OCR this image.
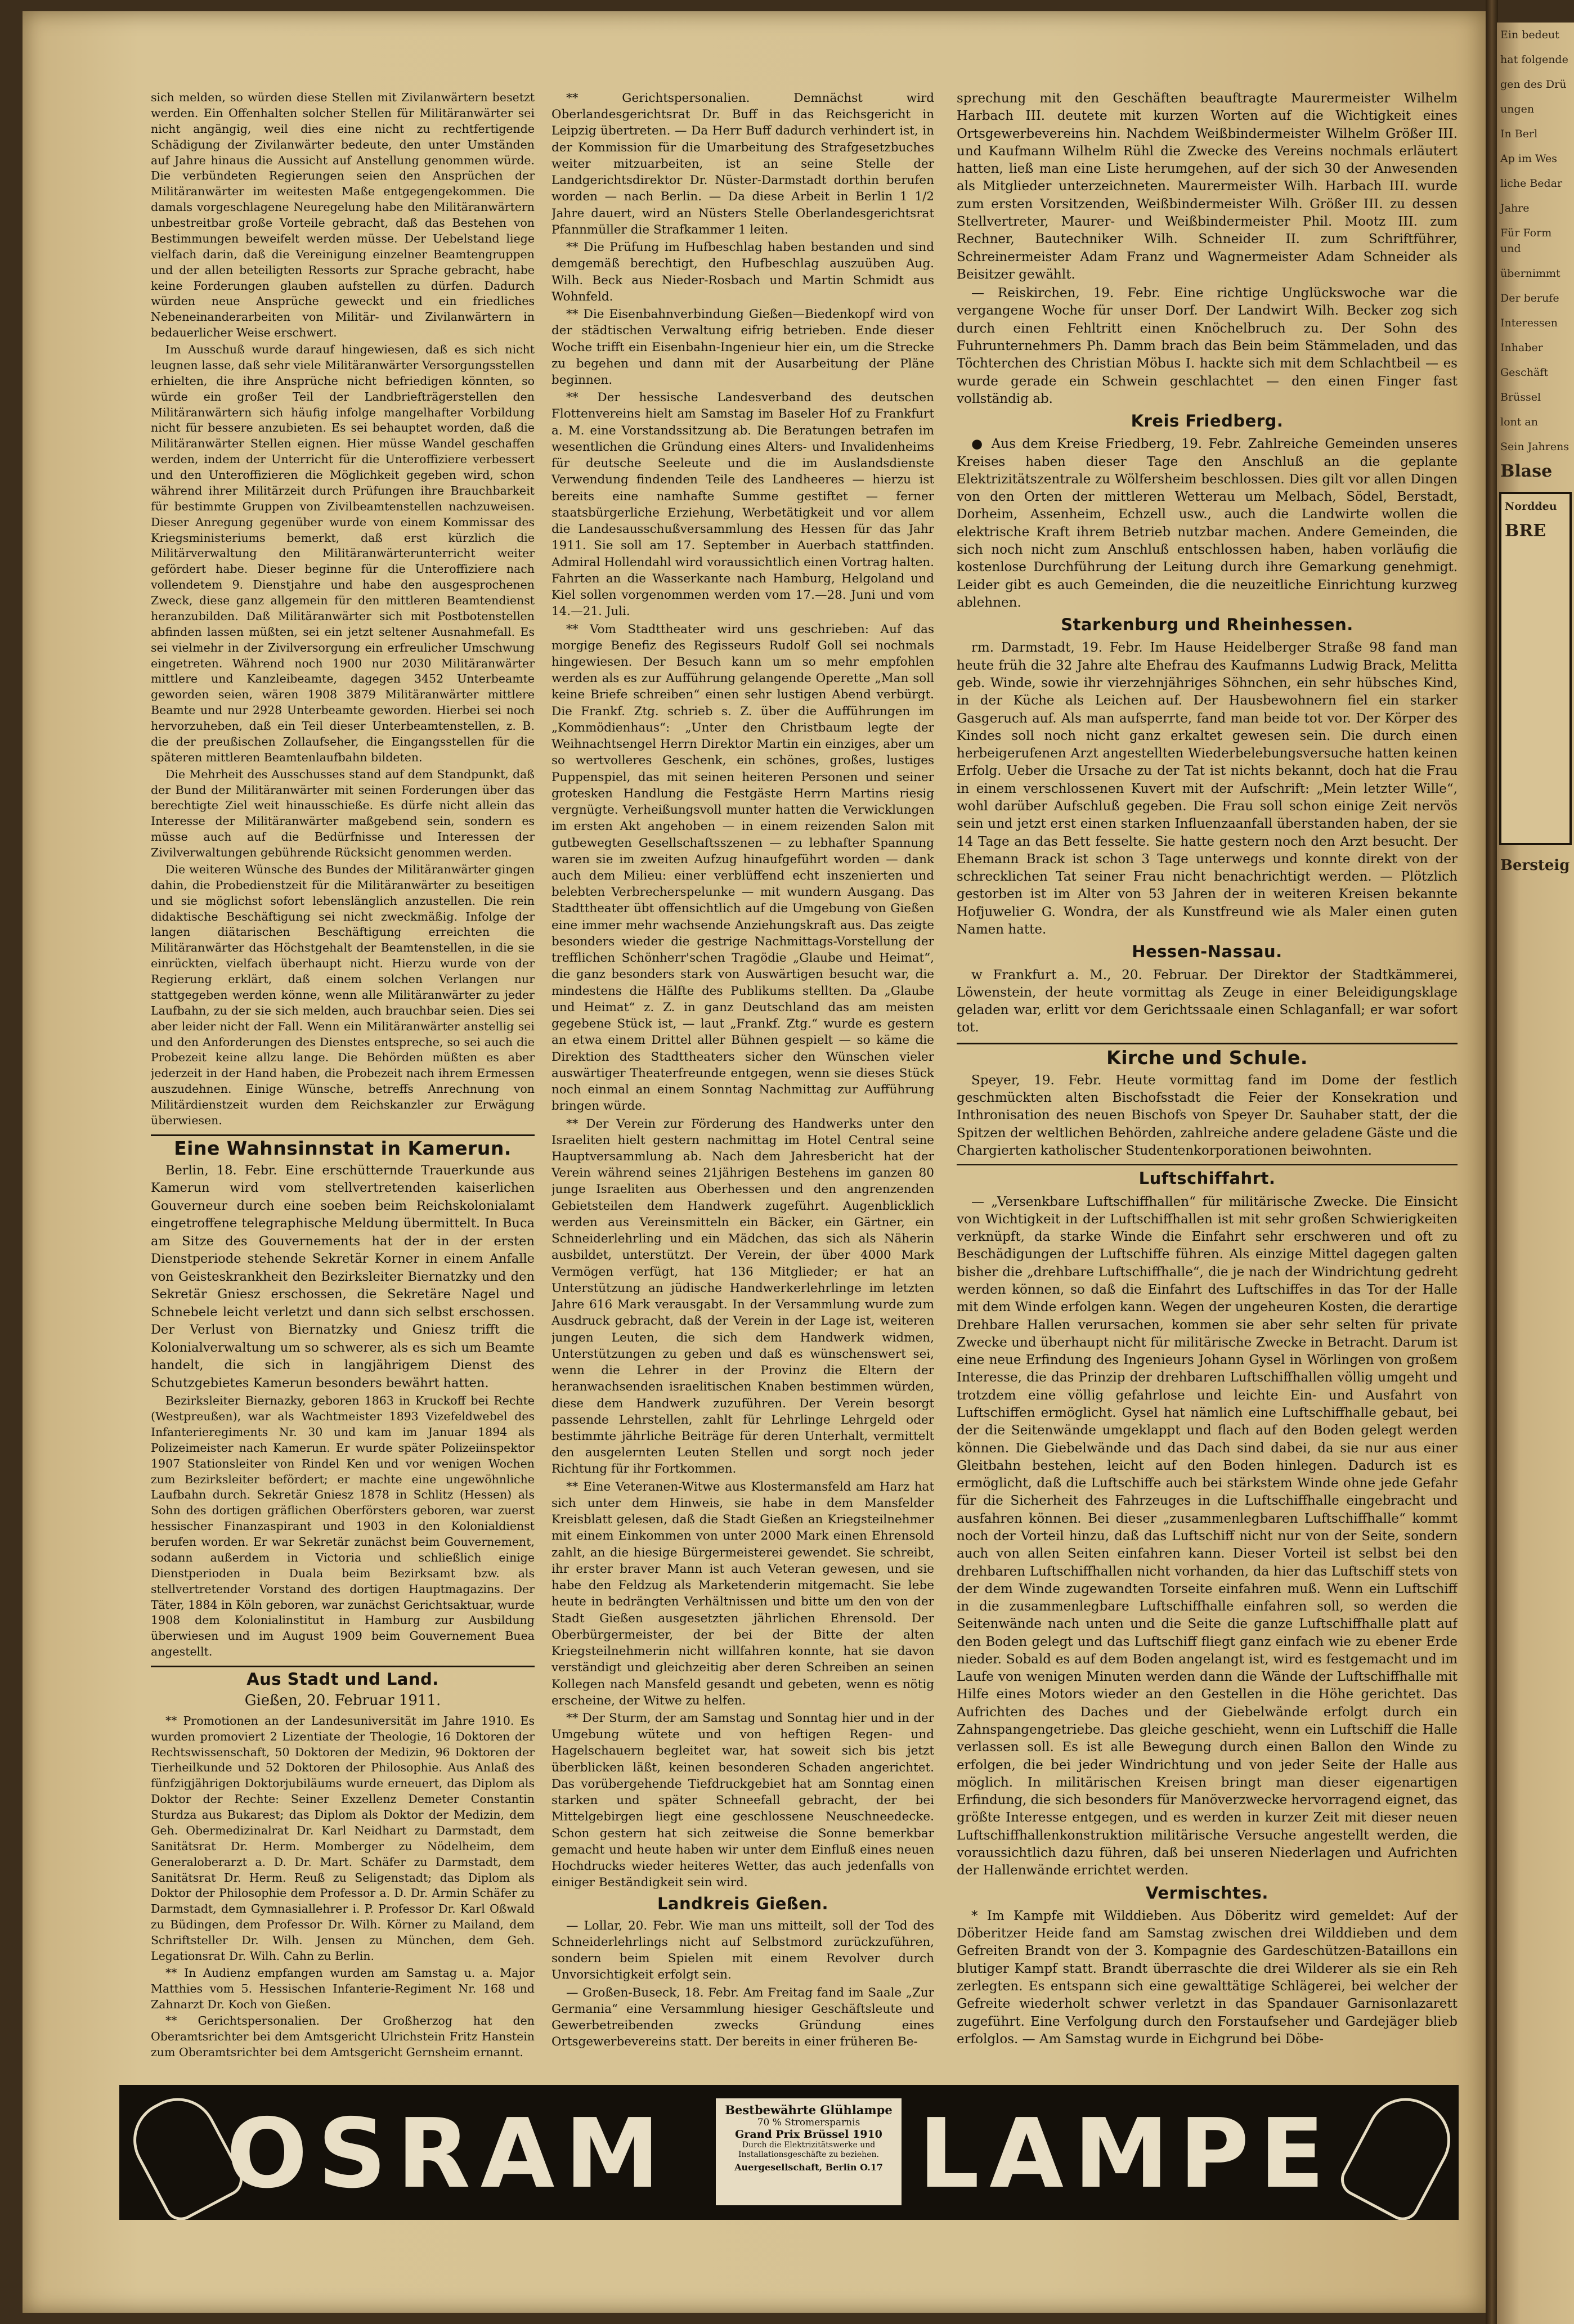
Ein bedeut
hat folgende
gen des Drü
ungen
In Berl
Ap im Wes
liche Bedar
Jahre
Für Form und
übernimmt
Der berufe
Interessen
Inhaber
Geschäft
Brüssel
lont an
Sein Jahrens
Blase
Norddeu
BRE
Bersteig

sich melden, so würden diese Stellen mit Zivilanwärtern besetzt werden. Ein Offenhalten solcher Stellen für Militäranwärter sei nicht angängig, weil dies eine nicht zu rechtfertigende Schädigung der Zivilanwärter bedeute, den unter Umständen auf Jahre hinaus die Aussicht auf Anstellung genommen würde. Die verbündeten Regierungen seien den Ansprüchen der Militäranwärter im weitesten Maße entgegengekommen. Die damals vorgeschlagene Neuregelung habe den Militäranwärtern unbestreitbar große Vorteile gebracht, daß das Bestehen von Bestimmungen beweifelt werden müsse. Der Uebelstand liege vielfach darin, daß die Vereinigung einzelner Beamtengruppen und der allen beteiligten Ressorts zur Sprache gebracht, habe keine Forderungen glauben aufstellen zu dürfen. Dadurch würden neue Ansprüche geweckt und ein friedliches Nebeneinanderarbeiten von Militär- und Zivilanwärtern in bedauerlicher Weise erschwert.

Im Ausschuß wurde darauf hingewiesen, daß es sich nicht leugnen lasse, daß sehr viele Militäranwärter Versorgungsstellen erhielten, die ihre Ansprüche nicht befriedigen könnten, so würde ein großer Teil der Landbriefträgerstellen den Militäranwärtern sich häufig infolge mangelhafter Vorbildung nicht für bessere anzubieten. Es sei behauptet worden, daß die Militäranwärter Stellen eignen. Hier müsse Wandel geschaffen werden, indem der Unterricht für die Unteroffiziere verbessert und den Unteroffizieren die Möglichkeit gegeben wird, schon während ihrer Militärzeit durch Prüfungen ihre Brauchbarkeit für bestimmte Gruppen von Zivilbeamtenstellen nachzuweisen. Dieser Anregung gegenüber wurde von einem Kommissar des Kriegsministeriums bemerkt, daß erst kürzlich die Militärverwaltung den Militäranwärterunterricht weiter gefördert habe. Dieser beginne für die Unteroffiziere nach vollendetem 9. Dienstjahre und habe den ausgesprochenen Zweck, diese ganz allgemein für den mittleren Beamtendienst heranzubilden. Daß Militäranwärter sich mit Postbotenstellen abfinden lassen müßten, sei ein jetzt seltener Ausnahmefall. Es sei vielmehr in der Zivilversorgung ein erfreulicher Umschwung eingetreten. Während noch 1900 nur 2030 Militäranwärter mittlere und Kanzleibeamte, dagegen 3452 Unterbeamte geworden seien, wären 1908 3879 Militäranwärter mittlere Beamte und nur 2928 Unterbeamte geworden. Hierbei sei noch hervorzuheben, daß ein Teil dieser Unterbeamtenstellen, z. B. die der preußischen Zollaufseher, die Eingangsstellen für die späteren mittleren Beamtenlaufbahn bildeten.

Die Mehrheit des Ausschusses stand auf dem Standpunkt, daß der Bund der Militäranwärter mit seinen Forderungen über das berechtigte Ziel weit hinausschieße. Es dürfe nicht allein das Interesse der Militäranwärter maßgebend sein, sondern es müsse auch auf die Bedürfnisse und Interessen der Zivilverwaltungen gebührende Rücksicht genommen werden.

Die weiteren Wünsche des Bundes der Militäranwärter gingen dahin, die Probedienstzeit für die Militäranwärter zu beseitigen und sie möglichst sofort lebenslänglich anzustellen. Die rein didaktische Beschäftigung sei nicht zweckmäßig. Infolge der langen diätarischen Beschäftigung erreichten die Militäranwärter das Höchstgehalt der Beamtenstellen, in die sie einrückten, vielfach überhaupt nicht. Hierzu wurde von der Regierung erklärt, daß einem solchen Verlangen nur stattgegeben werden könne, wenn alle Militäranwärter zu jeder Laufbahn, zu der sie sich melden, auch brauchbar seien. Dies sei aber leider nicht der Fall. Wenn ein Militäranwärter anstellig sei und den Anforderungen des Dienstes entspreche, so sei auch die Probezeit keine allzu lange. Die Behörden müßten es aber jederzeit in der Hand haben, die Probezeit nach ihrem Ermessen auszudehnen. Einige Wünsche, betreffs Anrechnung von Militärdienstzeit wurden dem Reichskanzler zur Erwägung überwiesen.

Eine Wahnsinnstat in Kamerun.

Berlin, 18. Febr. Eine erschütternde Trauerkunde aus Kamerun wird vom stellvertretenden kaiserlichen Gouverneur durch eine soeben beim Reichskolonialamt eingetroffene telegraphische Meldung übermittelt. In Buca am Sitze des Gouvernements hat der in der ersten Dienstperiode stehende Sekretär Korner in einem Anfalle von Geisteskrankheit den Bezirksleiter Biernatzky und den Sekretär Gniesz erschossen, die Sekretäre Nagel und Schnebele leicht verletzt und dann sich selbst erschossen. Der Verlust von Biernatzky und Gniesz trifft die Kolonialverwaltung um so schwerer, als es sich um Beamte handelt, die sich in langjährigem Dienst des Schutzgebietes Kamerun besonders bewährt hatten.

Bezirksleiter Biernazky, geboren 1863 in Kruckoff bei Rechte (Westpreußen), war als Wachtmeister 1893 Vizefeldwebel des Infanterieregiments Nr. 30 und kam im Januar 1894 als Polizeimeister nach Kamerun. Er wurde später Polizeiinspektor 1907 Stationsleiter von Rindel Ken und vor wenigen Wochen zum Bezirksleiter befördert; er machte eine ungewöhnliche Laufbahn durch. Sekretär Gniesz 1878 in Schlitz (Hessen) als Sohn des dortigen gräflichen Oberförsters geboren, war zuerst hessischer Finanzaspirant und 1903 in den Kolonialdienst berufen worden. Er war Sekretär zunächst beim Gouvernement, sodann außerdem in Victoria und schließlich einige Dienstperioden in Duala beim Bezirksamt bzw. als stellvertretender Vorstand des dortigen Hauptmagazins. Der Täter, 1884 in Köln geboren, war zunächst Gerichtsaktuar, wurde 1908 dem Kolonialinstitut in Hamburg zur Ausbildung überwiesen und im August 1909 beim Gouvernement Buea angestellt.

Aus Stadt und Land.
Gießen, 20. Februar 1911.

** Promotionen an der Landesuniversität im Jahre 1910. Es wurden promoviert 2 Lizentiate der Theologie, 16 Doktoren der Rechtswissenschaft, 50 Doktoren der Medizin, 96 Doktoren der Tierheilkunde und 52 Doktoren der Philosophie. Aus Anlaß des fünfzigjährigen Doktorjubiläums wurde erneuert, das Diplom als Doktor der Rechte: Seiner Exzellenz Demeter Constantin Sturdza aus Bukarest; das Diplom als Doktor der Medizin, dem Geh. Obermedizinalrat Dr. Karl Neidhart zu Darmstadt, dem Sanitätsrat Dr. Herm. Momberger zu Nödelheim, dem Generaloberarzt a. D. Dr. Mart. Schäfer zu Darmstadt, dem Sanitätsrat Dr. Herm. Reuß zu Seligenstadt; das Diplom als Doktor der Philosophie dem Professor a. D. Dr. Armin Schäfer zu Darmstadt, dem Gymnasiallehrer i. P. Professor Dr. Karl Oßwald zu Büdingen, dem Professor Dr. Wilh. Körner zu Mailand, dem Schriftsteller Dr. Wilh. Jensen zu München, dem Geh. Legationsrat Dr. Wilh. Cahn zu Berlin.

** In Audienz empfangen wurden am Samstag u. a. Major Matthies vom 5. Hessischen Infanterie-Regiment Nr. 168 und Zahnarzt Dr. Koch von Gießen.

** Gerichtspersonalien. Der Großherzog hat den Oberamtsrichter bei dem Amtsgericht Ulrichstein Fritz Hanstein zum Oberamtsrichter bei dem Amtsgericht Gernsheim ernannt.

** Gerichtspersonalien. Demnächst wird Oberlandesgerichtsrat Dr. Buff in das Reichsgericht in Leipzig übertreten. — Da Herr Buff dadurch verhindert ist, in der Kommission für die Umarbeitung des Strafgesetzbuches weiter mitzuarbeiten, ist an seine Stelle der Landgerichtsdirektor Dr. Nüster-Darmstadt dorthin berufen worden — nach Berlin. — Da diese Arbeit in Berlin 1 1/2 Jahre dauert, wird an Nüsters Stelle Oberlandesgerichtsrat Pfannmüller die Strafkammer 1 leiten.

** Die Prüfung im Hufbeschlag haben bestanden und sind demgemäß berechtigt, den Hufbeschlag auszuüben Aug. Wilh. Beck aus Nieder-Rosbach und Martin Schmidt aus Wohnfeld.

** Die Eisenbahnverbindung Gießen—Biedenkopf wird von der städtischen Verwaltung eifrig betrieben. Ende dieser Woche trifft ein Eisenbahn-Ingenieur hier ein, um die Strecke zu begehen und dann mit der Ausarbeitung der Pläne beginnen.

** Der hessische Landesverband des deutschen Flottenvereins hielt am Samstag im Baseler Hof zu Frankfurt a. M. eine Vorstandssitzung ab. Die Beratungen betrafen im wesentlichen die Gründung eines Alters- und Invalidenheims für deutsche Seeleute und die im Auslandsdienste Verwendung findenden Teile des Landheeres — hierzu ist bereits eine namhafte Summe gestiftet — ferner staatsbürgerliche Erziehung, Werbetätigkeit und vor allem die Landesausschußversammlung des Hessen für das Jahr 1911. Sie soll am 17. September in Auerbach stattfinden. Admiral Hollendahl wird voraussichtlich einen Vortrag halten. Fahrten an die Wasserkante nach Hamburg, Helgoland und Kiel sollen vorgenommen werden vom 17.—28. Juni und vom 14.—21. Juli.

** Vom Stadttheater wird uns geschrieben: Auf das morgige Benefiz des Regisseurs Rudolf Goll sei nochmals hingewiesen. Der Besuch kann um so mehr empfohlen werden als es zur Aufführung gelangende Operette „Man soll keine Briefe schreiben“ einen sehr lustigen Abend verbürgt. Die Frankf. Ztg. schrieb s. Z. über die Aufführungen im „Kommödienhaus“: „Unter den Christbaum legte der Weihnachtsengel Herrn Direktor Martin ein einziges, aber um so wertvolleres Geschenk, ein schönes, großes, lustiges Puppenspiel, das mit seinen heiteren Personen und seiner grotesken Handlung die Festgäste Herrn Martins riesig vergnügte. Verheißungsvoll munter hatten die Verwicklungen im ersten Akt angehoben — in einem reizenden Salon mit gutbewegten Gesellschaftsszenen — zu lebhafter Spannung waren sie im zweiten Aufzug hinaufgeführt worden — dank auch dem Milieu: einer verblüffend echt inszenierten und belebten Verbrecherspelunke — mit wundern Ausgang. Das Stadttheater übt offensichtlich auf die Umgebung von Gießen eine immer mehr wachsende Anziehungskraft aus. Das zeigte besonders wieder die gestrige Nachmittags-Vorstellung der trefflichen Schönherr'schen Tragödie „Glaube und Heimat“, die ganz besonders stark von Auswärtigen besucht war, die mindestens die Hälfte des Publikums stellten. Da „Glaube und Heimat“ z. Z. in ganz Deutschland das am meisten gegebene Stück ist, — laut „Frankf. Ztg.“ wurde es gestern an etwa einem Drittel aller Bühnen gespielt — so käme die Direktion des Stadttheaters sicher den Wünschen vieler auswärtiger Theaterfreunde entgegen, wenn sie dieses Stück noch einmal an einem Sonntag Nachmittag zur Aufführung bringen würde.

** Der Verein zur Förderung des Handwerks unter den Israeliten hielt gestern nachmittag im Hotel Central seine Hauptversammlung ab. Nach dem Jahresbericht hat der Verein während seines 21jährigen Bestehens im ganzen 80 junge Israeliten aus Oberhessen und den angrenzenden Gebietsteilen dem Handwerk zugeführt. Augenblicklich werden aus Vereinsmitteln ein Bäcker, ein Gärtner, ein Schneiderlehrling und ein Mädchen, das sich als Näherin ausbildet, unterstützt. Der Verein, der über 4000 Mark Vermögen verfügt, hat 136 Mitglieder; er hat an Unterstützung an jüdische Handwerkerlehrlinge im letzten Jahre 616 Mark verausgabt. In der Versammlung wurde zum Ausdruck gebracht, daß der Verein in der Lage ist, weiteren jungen Leuten, die sich dem Handwerk widmen, Unterstützungen zu geben und daß es wünschenswert sei, wenn die Lehrer in der Provinz die Eltern der heranwachsenden israelitischen Knaben bestimmen würden, diese dem Handwerk zuzuführen. Der Verein besorgt passende Lehrstellen, zahlt für Lehrlinge Lehrgeld oder bestimmte jährliche Beiträge für deren Unterhalt, vermittelt den ausgelernten Leuten Stellen und sorgt noch jeder Richtung für ihr Fortkommen.

** Eine Veteranen-Witwe aus Klostermansfeld am Harz hat sich unter dem Hinweis, sie habe in dem Mansfelder Kreisblatt gelesen, daß die Stadt Gießen an Kriegsteilnehmer mit einem Einkommen von unter 2000 Mark einen Ehrensold zahlt, an die hiesige Bürgermeisterei gewendet. Sie schreibt, ihr erster braver Mann ist auch Veteran gewesen, und sie habe den Feldzug als Marketenderin mitgemacht. Sie lebe heute in bedrängten Verhältnissen und bitte um den von der Stadt Gießen ausgesetzten jährlichen Ehrensold. Der Oberbürgermeister, der bei der Bitte der alten Kriegsteilnehmerin nicht willfahren konnte, hat sie davon verständigt und gleichzeitig aber deren Schreiben an seinen Kollegen nach Mansfeld gesandt und gebeten, wenn es nötig erscheine, der Witwe zu helfen.

** Der Sturm, der am Samstag und Sonntag hier und in der Umgebung wütete und von heftigen Regen- und Hagelschauern begleitet war, hat soweit sich bis jetzt überblicken läßt, keinen besonderen Schaden angerichtet. Das vorübergehende Tiefdruckgebiet hat am Sonntag einen starken und später Schneefall gebracht, der bei Mittelgebirgen liegt eine geschlossene Neuschneedecke. Schon gestern hat sich zeitweise die Sonne bemerkbar gemacht und heute haben wir unter dem Einfluß eines neuen Hochdrucks wieder heiteres Wetter, das auch jedenfalls von einiger Beständigkeit sein wird.

Landkreis Gießen.

— Lollar, 20. Febr. Wie man uns mitteilt, soll der Tod des Schneiderlehrlings nicht auf Selbstmord zurückzuführen, sondern beim Spielen mit einem Revolver durch Unvorsichtigkeit erfolgt sein.

— Großen-Buseck, 18. Febr. Am Freitag fand im Saale „Zur Germania“ eine Versammlung hiesiger Geschäftsleute und Gewerbetreibenden zwecks Gründung eines Ortsgewerbevereins statt. Der bereits in einer früheren Be-

sprechung mit den Geschäften beauftragte Maurermeister Wilhelm Harbach III. deutete mit kurzen Worten auf die Wichtigkeit eines Ortsgewerbevereins hin. Nachdem Weißbindermeister Wilhelm Größer III. und Kaufmann Wilhelm Rühl die Zwecke des Vereins nochmals erläutert hatten, ließ man eine Liste herumgehen, auf der sich 30 der Anwesenden als Mitglieder unterzeichneten. Maurermeister Wilh. Harbach III. wurde zum ersten Vorsitzenden, Weißbindermeister Wilh. Größer III. zu dessen Stellvertreter, Maurer- und Weißbindermeister Phil. Mootz III. zum Rechner, Bautechniker Wilh. Schneider II. zum Schriftführer, Schreinermeister Adam Franz und Wagnermeister Adam Schneider als Beisitzer gewählt.

— Reiskirchen, 19. Febr. Eine richtige Unglückswoche war die vergangene Woche für unser Dorf. Der Landwirt Wilh. Becker zog sich durch einen Fehltritt einen Knöchelbruch zu. Der Sohn des Fuhrunternehmers Ph. Damm brach das Bein beim Stämmeladen, und das Töchterchen des Christian Möbus I. hackte sich mit dem Schlachtbeil — es wurde gerade ein Schwein geschlachtet — den einen Finger fast vollständig ab.

Kreis Friedberg.

● Aus dem Kreise Friedberg, 19. Febr. Zahlreiche Gemeinden unseres Kreises haben dieser Tage den Anschluß an die geplante Elektrizitätszentrale zu Wölfersheim beschlossen. Dies gilt vor allen Dingen von den Orten der mittleren Wetterau um Melbach, Södel, Berstadt, Dorheim, Assenheim, Echzell usw., auch die Landwirte wollen die elektrische Kraft ihrem Betrieb nutzbar machen. Andere Gemeinden, die sich noch nicht zum Anschluß entschlossen haben, haben vorläufig die kostenlose Durchführung der Leitung durch ihre Gemarkung genehmigt. Leider gibt es auch Gemeinden, die die neuzeitliche Einrichtung kurzweg ablehnen.

Starkenburg und Rheinhessen.

rm. Darmstadt, 19. Febr. Im Hause Heidelberger Straße 98 fand man heute früh die 32 Jahre alte Ehefrau des Kaufmanns Ludwig Brack, Melitta geb. Winde, sowie ihr vierzehnjähriges Söhnchen, ein sehr hübsches Kind, in der Küche als Leichen auf. Der Hausbewohnern fiel ein starker Gasgeruch auf. Als man aufsperrte, fand man beide tot vor. Der Körper des Kindes soll noch nicht ganz erkaltet gewesen sein. Die durch einen herbeigerufenen Arzt angestellten Wiederbelebungsversuche hatten keinen Erfolg. Ueber die Ursache zu der Tat ist nichts bekannt, doch hat die Frau in einem verschlossenen Kuvert mit der Aufschrift: „Mein letzter Wille“, wohl darüber Aufschluß gegeben. Die Frau soll schon einige Zeit nervös sein und jetzt erst einen starken Influenzaanfall überstanden haben, der sie 14 Tage an das Bett fesselte. Sie hatte gestern noch den Arzt besucht. Der Ehemann Brack ist schon 3 Tage unterwegs und konnte direkt von der schrecklichen Tat seiner Frau nicht benachrichtigt werden. — Plötzlich gestorben ist im Alter von 53 Jahren der in weiteren Kreisen bekannte Hofjuwelier G. Wondra, der als Kunstfreund wie als Maler einen guten Namen hatte.

Hessen-Nassau.

w Frankfurt a. M., 20. Februar. Der Direktor der Stadtkämmerei, Löwenstein, der heute vormittag als Zeuge in einer Beleidigungsklage geladen war, erlitt vor dem Gerichtssaale einen Schlaganfall; er war sofort tot.

Kirche und Schule.

Speyer, 19. Febr. Heute vormittag fand im Dome der festlich geschmückten alten Bischofsstadt die Feier der Konsekration und Inthronisation des neuen Bischofs von Speyer Dr. Sauhaber statt, der die Spitzen der weltlichen Behörden, zahlreiche andere geladene Gäste und die Chargierten katholischer Studentenkorporationen beiwohnten.

Luftschiffahrt.

— „Versenkbare Luftschiffhallen“ für militärische Zwecke. Die Einsicht von Wichtigkeit in der Luftschiffhallen ist mit sehr großen Schwierigkeiten verknüpft, da starke Winde die Einfahrt sehr erschweren und oft zu Beschädigungen der Luftschiffe führen. Als einzige Mittel dagegen galten bisher die „drehbare Luftschiffhalle“, die je nach der Windrichtung gedreht werden können, so daß die Einfahrt des Luftschiffes in das Tor der Halle mit dem Winde erfolgen kann. Wegen der ungeheuren Kosten, die derartige Drehbare Hallen verursachen, kommen sie aber sehr selten für private Zwecke und überhaupt nicht für militärische Zwecke in Betracht. Darum ist eine neue Erfindung des Ingenieurs Johann Gysel in Wörlingen von großem Interesse, die das Prinzip der drehbaren Luftschiffhallen völlig umgeht und trotzdem eine völlig gefahrlose und leichte Ein- und Ausfahrt von Luftschiffen ermöglicht. Gysel hat nämlich eine Luftschiffhalle gebaut, bei der die Seitenwände umgeklappt und flach auf den Boden gelegt werden können. Die Giebelwände und das Dach sind dabei, da sie nur aus einer Gleitbahn bestehen, leicht auf den Boden hinlegen. Dadurch ist es ermöglicht, daß die Luftschiffe auch bei stärkstem Winde ohne jede Gefahr für die Sicherheit des Fahrzeuges in die Luftschiffhalle eingebracht und ausfahren können. Bei dieser „zusammenlegbaren Luftschiffhalle“ kommt noch der Vorteil hinzu, daß das Luftschiff nicht nur von der Seite, sondern auch von allen Seiten einfahren kann. Dieser Vorteil ist selbst bei den drehbaren Luftschiffhallen nicht vorhanden, da hier das Luftschiff stets von der dem Winde zugewandten Torseite einfahren muß. Wenn ein Luftschiff in die zusammenlegbare Luftschiffhalle einfahren soll, so werden die Seitenwände nach unten und die Seite die ganze Luftschiffhalle platt auf den Boden gelegt und das Luftschiff fliegt ganz einfach wie zu ebener Erde nieder. Sobald es auf dem Boden angelangt ist, wird es festgemacht und im Laufe von wenigen Minuten werden dann die Wände der Luftschiffhalle mit Hilfe eines Motors wieder an den Gestellen in die Höhe gerichtet. Das Aufrichten des Daches und der Giebelwände erfolgt durch ein Zahnspangengetriebe. Das gleiche geschieht, wenn ein Luftschiff die Halle verlassen soll. Es ist alle Bewegung durch einen Ballon den Winde zu erfolgen, die bei jeder Windrichtung und von jeder Seite der Halle aus möglich. In militärischen Kreisen bringt man dieser eigenartigen Erfindung, die sich besonders für Manöverzwecke hervorragend eignet, das größte Interesse entgegen, und es werden in kurzer Zeit mit dieser neuen Luftschiffhallenkonstruktion militärische Versuche angestellt werden, die voraussichtlich dazu führen, daß bei unseren Niederlagen und Aufrichten der Hallenwände errichtet werden.

Vermischtes.

* Im Kampfe mit Wilddieben. Aus Döberitz wird gemeldet: Auf der Döberitzer Heide fand am Samstag zwischen drei Wilddieben und dem Gefreiten Brandt von der 3. Kompagnie des Gardeschützen-Bataillons ein blutiger Kampf statt. Brandt überraschte die drei Wilderer als sie ein Reh zerlegten. Es entspann sich eine gewalttätige Schlägerei, bei welcher der Gefreite wiederholt schwer verletzt in das Spandauer Garnisonlazarett zugeführt. Eine Verfolgung durch den Forstaufseher und Gardejäger blieb erfolglos. — Am Samstag wurde in Eichgrund bei Döbe-

OSRAM	Bestbewährte Glühlampe
70 % Stromersparnis
Grand Prix Brüssel 1910
Durch die Elektrizitätswerke und Installationsgeschäfte zu beziehen.
Auergesellschaft, Berlin O.17 LAMPE
